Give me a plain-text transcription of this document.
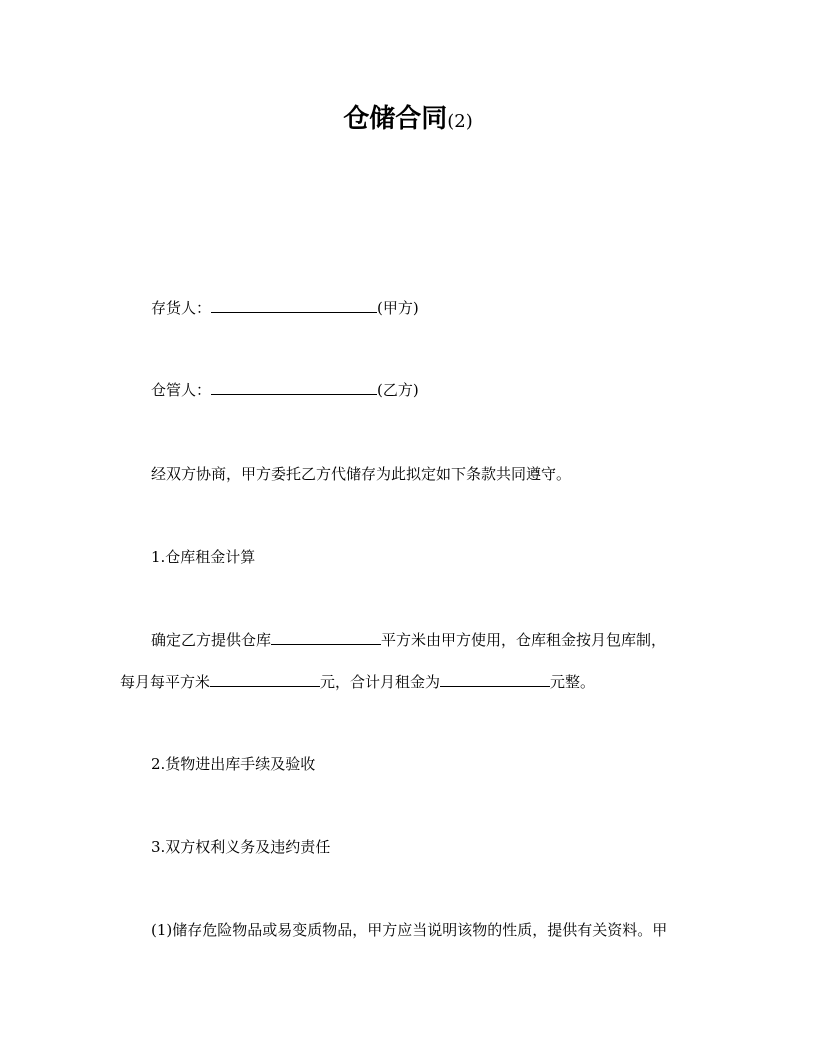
仓储合同(2)
存货人：	(甲方)
仓管人：	(乙方)
经双方协商，甲方委托乙方代储存为此拟定如下条款共同遵守。
1.仓库租金计算
确定乙方提供仓库	平方米由甲方使用，仓库租金按月包库制，
每月每平方米	元，合计月租金为	元整。
2.货物进出库手续及验收
3.双方权利义务及违约责任
(1)储存危险物品或易变质物品，甲方应当说明该物的性质，提供有关资料。甲
